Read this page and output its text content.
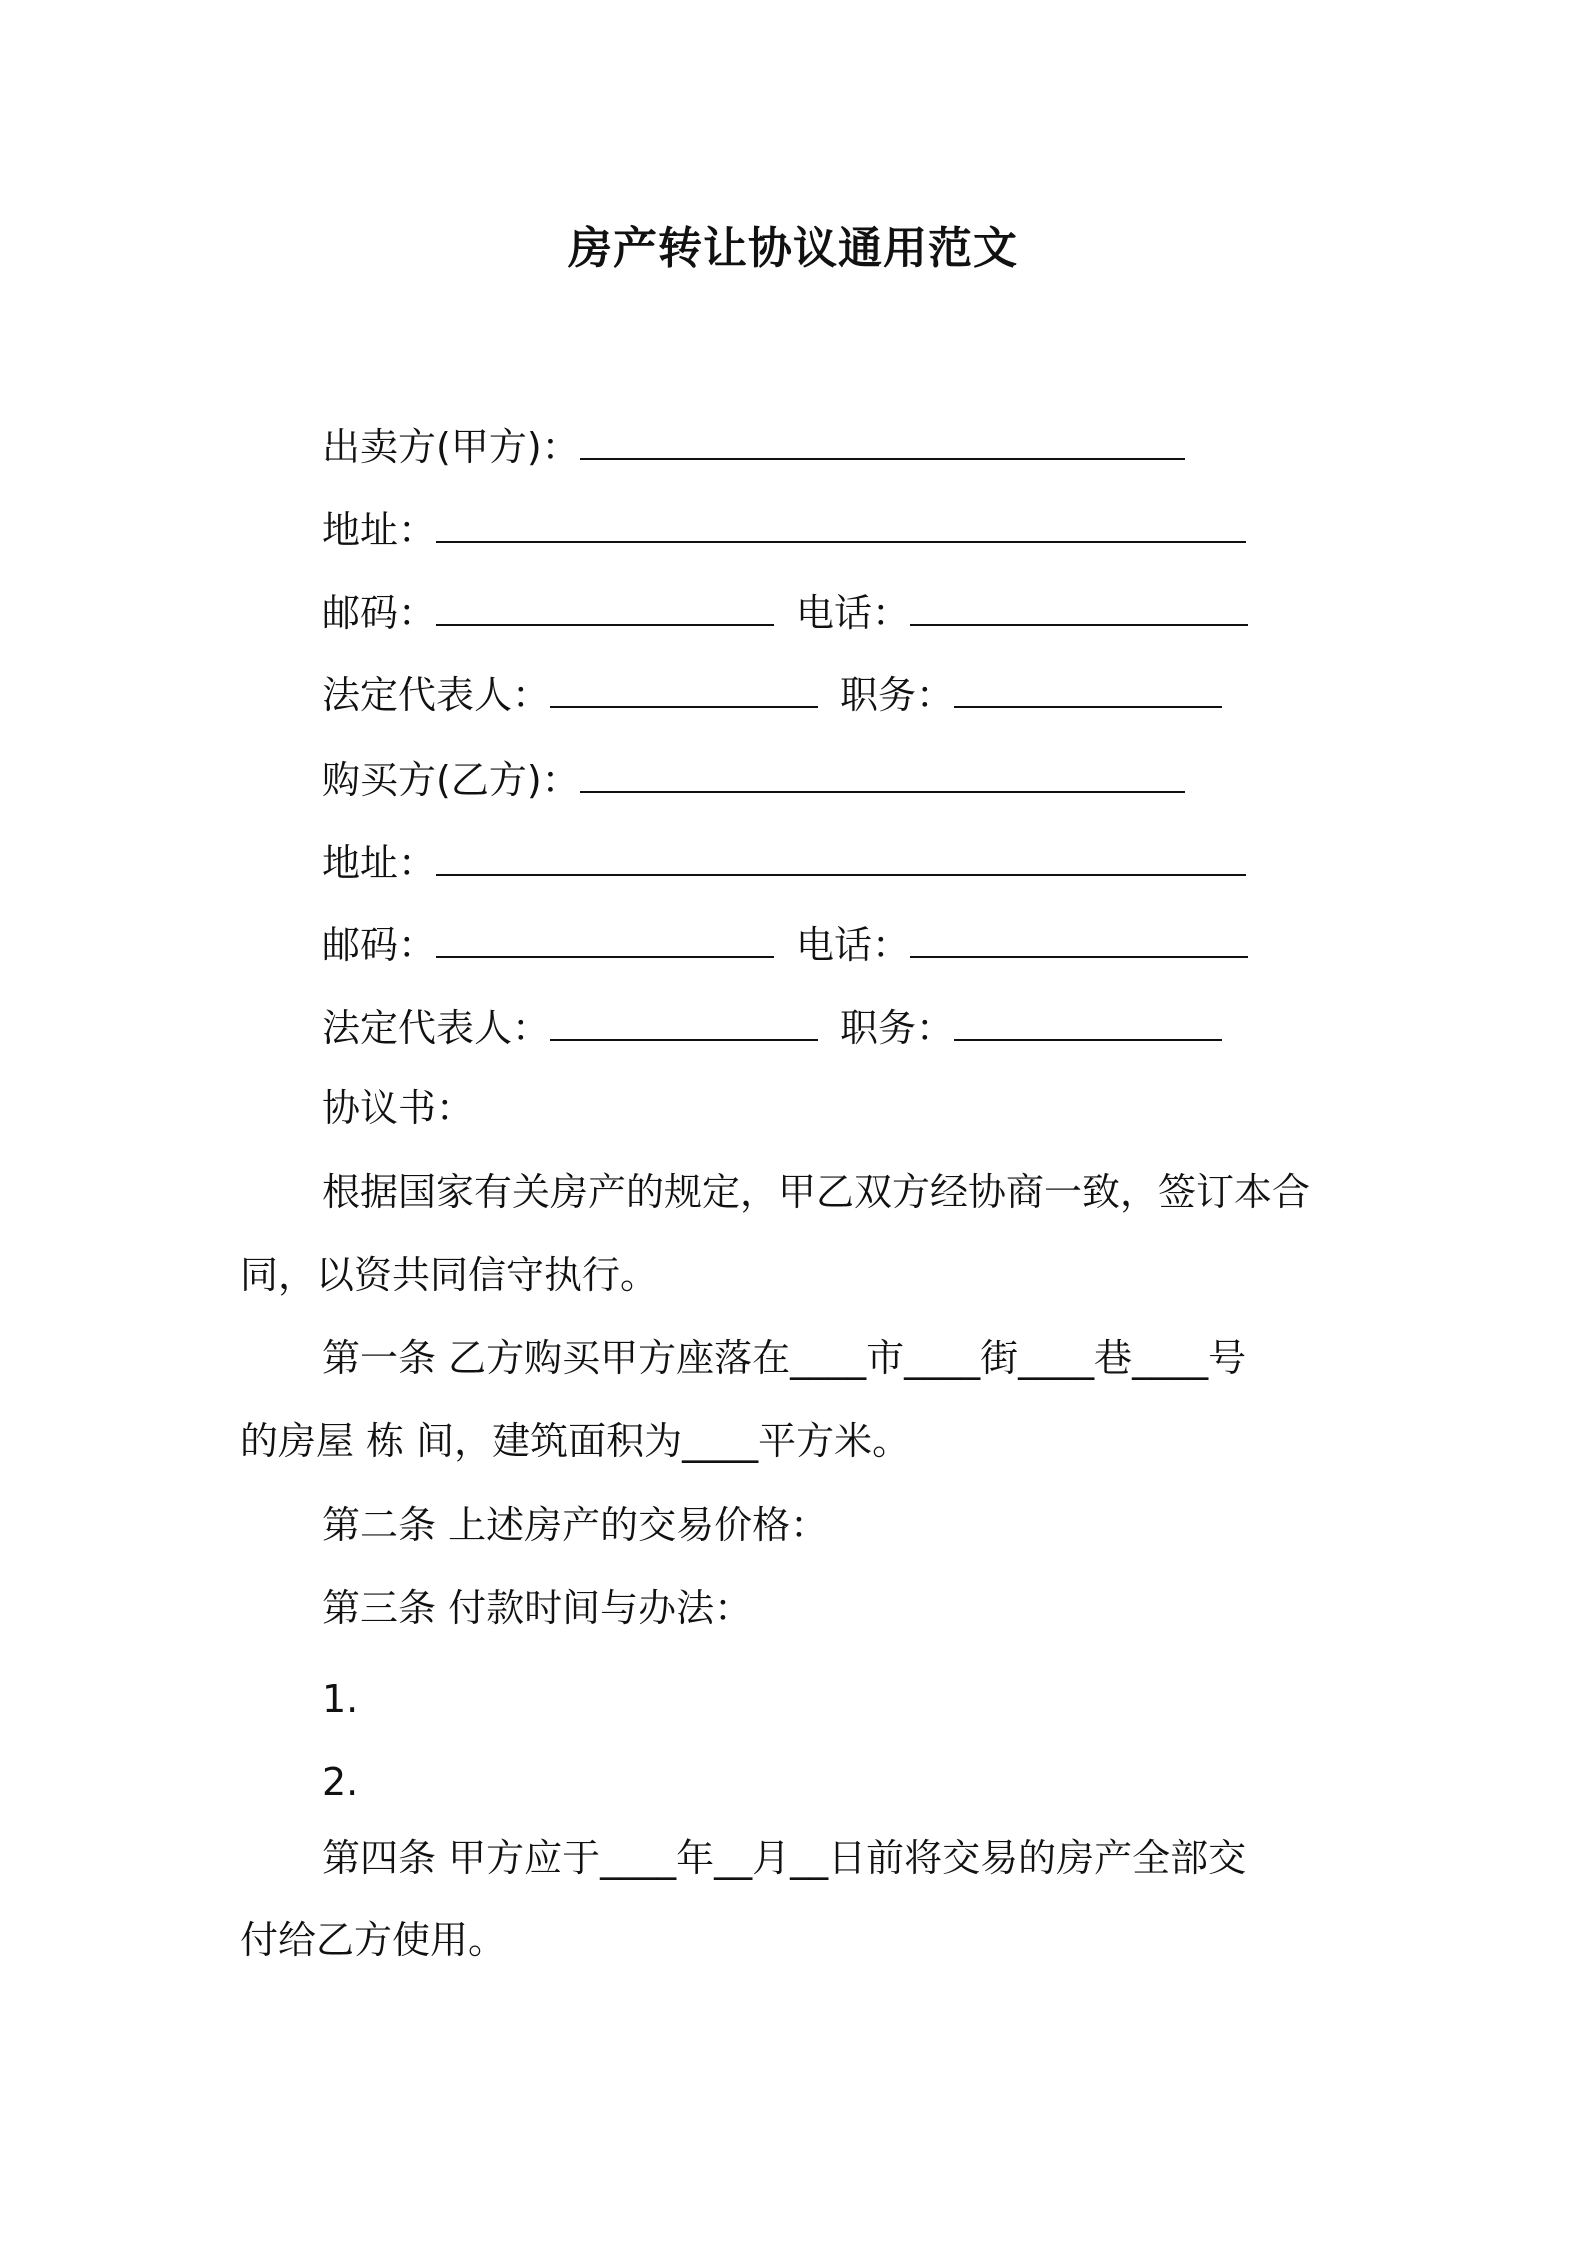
房产转让协议通用范文
出卖方(甲方)：
地址：
邮码：	电话：
法定代表人：	职务：
购买方(乙方)：
地址：
邮码：	电话：
法定代表人：	职务：
协议书：
根据国家有关房产的规定，甲乙双方经协商一致，签订本合
同，以资共同信守执行。
第一条 乙方购买甲方座落在____市____街____巷____号
的房屋 栋 间，建筑面积为____平方米。
第二条 上述房产的交易价格：
第三条 付款时间与办法：
1.
2.
第四条 甲方应于____年__月__日前将交易的房产全部交
付给乙方使用。
